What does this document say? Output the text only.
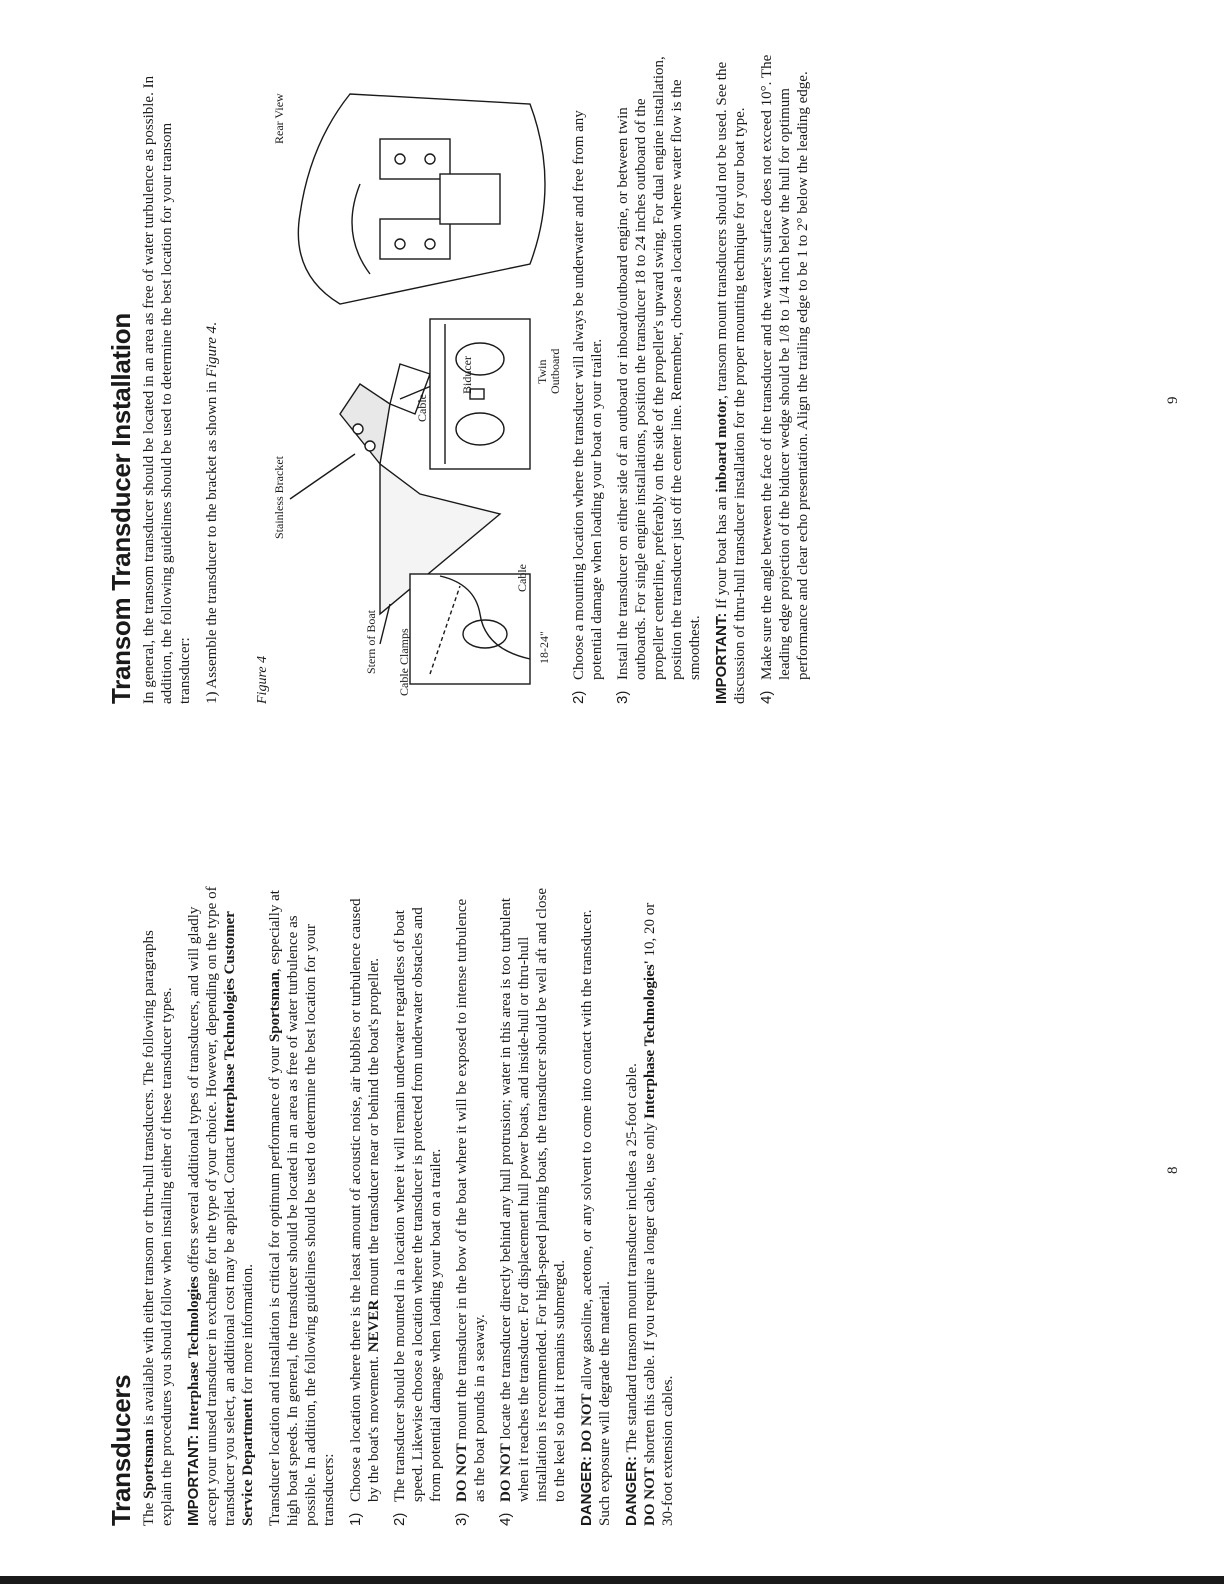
Transducers The Sportsman is available with either transom or thru-hull transducers. The following paragraphs explain the procedures you should follow when installing either of these transducer types. IMPORTANT: Interphase Technologies offers several additional types of transducers, and will gladly accept your unused transducer in exchange for the type of your choice. However, depending on the type of transducer you select, an additional cost may be applied. Contact Interphase Technologies Customer Service Department for more information. Transducer location and installation is critical for optimum performance of your Sportsman, especially at high boat speeds. In general, the transducer should be located in an area as free of water turbulence as possible. In addition, the following guidelines should be used to determine the best location for your transducers: 1)
Choose a location where there is the least amount of acoustic noise, air bubbles or turbulence caused by the boat's movement. NEVER mount the transducer near or behind the boat's propeller.
2)
The transducer should be mounted in a location where it will remain underwater regardless of boat speed. Likewise choose a location where the transducer is protected from underwater obstacles and from potential damage when loading your boat on a trailer.
3)
DO NOT mount the transducer in the bow of the boat where it will be exposed to intense turbulence as the boat pounds in a seaway.
4)
DO NOT locate the transducer directly behind any hull protrusion; water in this area is too turbulent when it reaches the transducer. For displacement hull power boats, and inside-hull or thru-hull installation is recommended. For high-speed planing boats, the transducer should be well aft and close to the keel so that it remains submerged. DANGER: DO NOT allow gasoline, acetone, or any solvent to come into contact with the transducer. Such exposure will degrade the material. DANGER: The standard transom mount transducer includes a 25-foot cable.
DO NOT shorten this cable. If you require a longer cable, use only Interphase Technologies' 10, 20 or 30-foot extension cables.

8
Transom Transducer Installation In general, the transom transducer should be located in an area as free of water turbulence as possible. In addition, the following guidelines should be used to determine the best location for your transom transducer: 1) Assemble the transducer to the bracket as shown in Figure 4.

Figure 4
Stern of Boat
Stainless Bracket
Biducer
Cable Clamps
Cable
Cable
18-24"
Twin Outboard
Rear View
2)
Choose a mounting location where the transducer will always be underwater and free from any potential damage when loading your boat on your trailer.
3)
Install the transducer on either side of an outboard or inboard/outboard engine, or between twin outboards. For single engine installations, position the transducer 18 to 24 inches outboard of the propeller centerline, preferably on the side of the propeller's upward swing. For dual engine installation, position the transducer just off the center line. Remember, choose a location where water flow is the smoothest. IMPORTANT: If your boat has an inboard motor, transom mount transducers should not be used. See the discussion of thru-hull transducer installation for the proper mounting technique for your boat type. 4)
Make sure the angle between the face of the transducer and the water's surface does not exceed 10°. The leading edge projection of the biducer wedge should be 1/8 to 1/4 inch below the hull for optimum performance and clear echo presentation. Align the trailing edge to be 1 to 2° below the leading edge.	9
